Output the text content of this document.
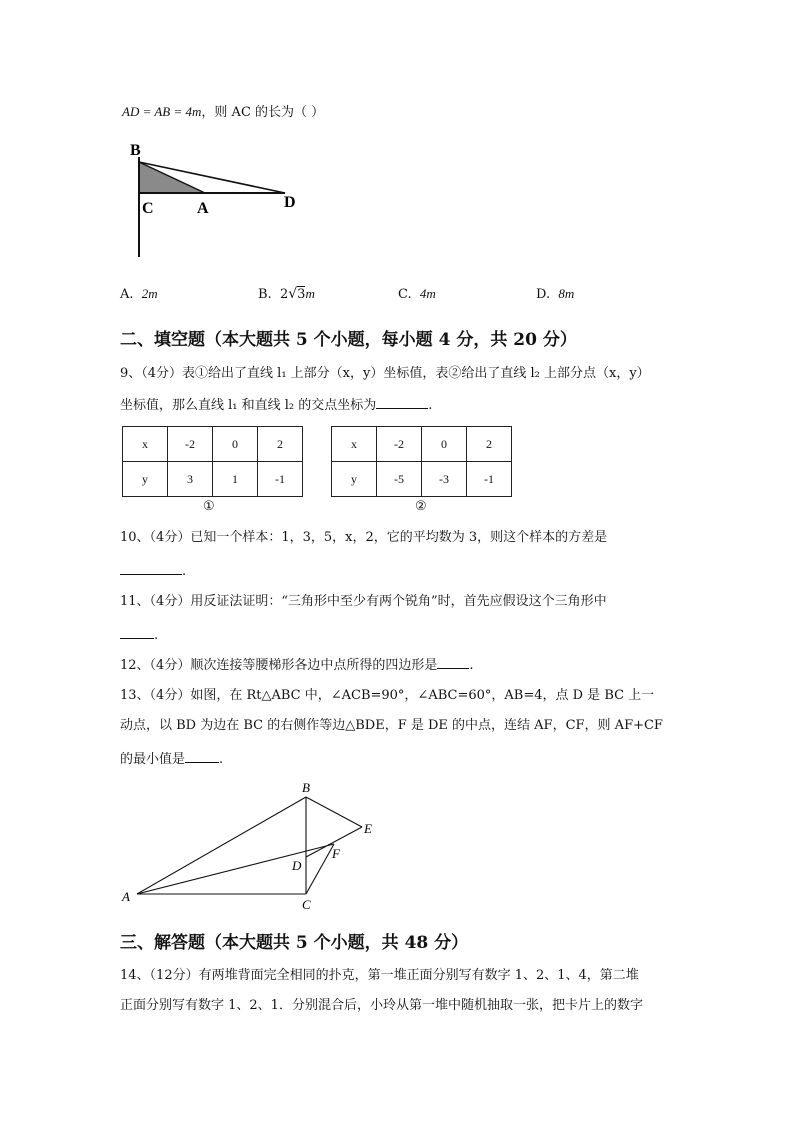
AD = AB = 4m，则 AC 的长为（ ）
B
C	A	D
A. 2m	B. 2√3m	C. 4m	D. 8m
二、填空题（本大题共 5 个小题，每小题 4 分，共 20 分）
9、（4分）表①给出了直线 l₁ 上部分（x，y）坐标值，表②给出了直线 l₂ 上部分点（x，y）
坐标值，那么直线 l₁ 和直线 l₂ 的交点坐标为	.
x	-2	0	2
y	3	1	-1
①
x	-2	0	2
y	-5	-3	-1
②
10、（4分）已知一个样本：1，3，5，x，2，它的平均数为 3，则这个样本的方差是
.
11、（4分）用反证法证明：“三角形中至少有两个锐角”时，首先应假设这个三角形中
.
12、（4分）顺次连接等腰梯形各边中点所得的四边形是 .
13、（4分）如图，在 Rt△ABC 中，∠ACB=90°，∠ABC=60°，AB=4，点 D 是 BC 上一
动点，以 BD 为边在 BC 的右侧作等边△BDE，F 是 DE 的中点，连结 AF，CF，则 AF+CF
的最小值是	.
A
B
C
D
E
F
三、解答题（本大题共 5 个小题，共 48 分）
14、（12分）有两堆背面完全相同的扑克，第一堆正面分别写有数字 1、2、1、4，第二堆
正面分别写有数字 1、2、1．分别混合后，小玲从第一堆中随机抽取一张，把卡片上的数字
